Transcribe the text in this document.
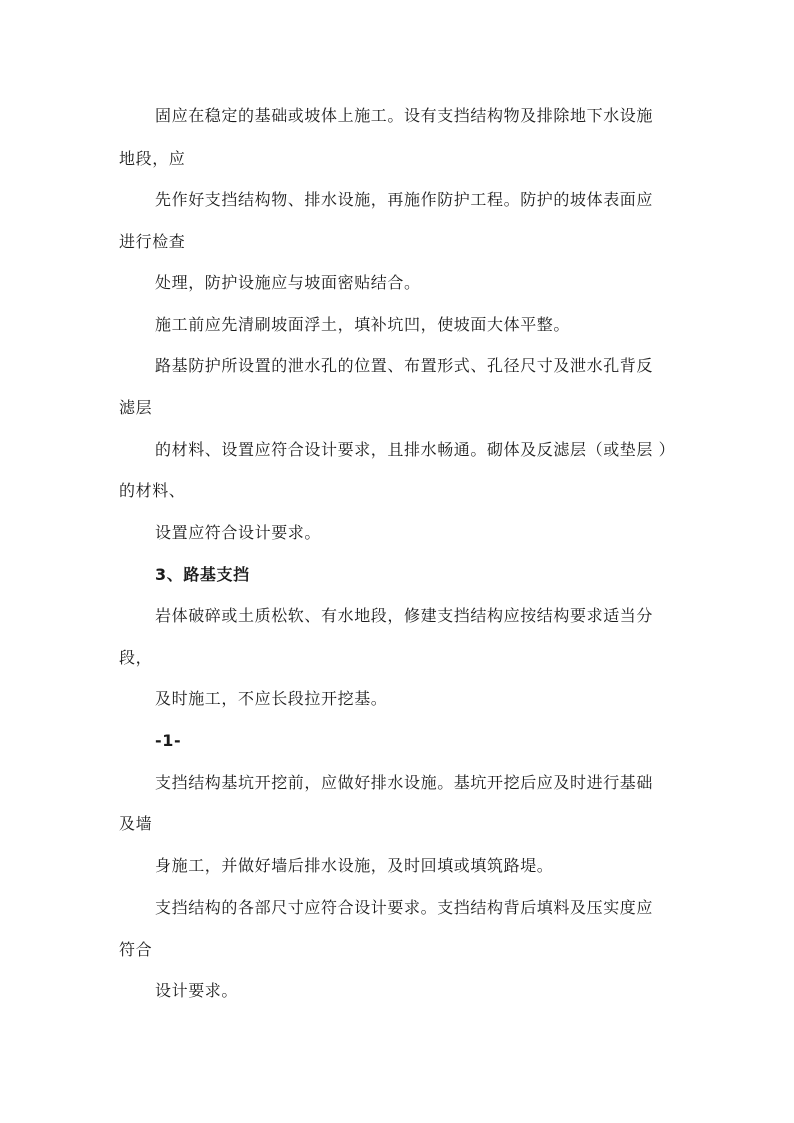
固应在稳定的基础或坡体上施工。设有支挡结构物及排除地下水设施
地段，应
先作好支挡结构物、排水设施，再施作防护工程。防护的坡体表面应
进行检查
处理，防护设施应与坡面密贴结合。
施工前应先清刷坡面浮土，填补坑凹，使坡面大体平整。
路基防护所设置的泄水孔的位置、布置形式、孔径尺寸及泄水孔背反
滤层
的材料、设置应符合设计要求，且排水畅通。砌体及反滤层（或垫层 ）
的材料、
设置应符合设计要求。
3、路基支挡
岩体破碎或土质松软、有水地段，修建支挡结构应按结构要求适当分
段，
及时施工，不应长段拉开挖基。
-1-
支挡结构基坑开挖前，应做好排水设施。基坑开挖后应及时进行基础
及墙
身施工，并做好墙后排水设施，及时回填或填筑路堤。
支挡结构的各部尺寸应符合设计要求。支挡结构背后填料及压实度应
符合
设计要求。
